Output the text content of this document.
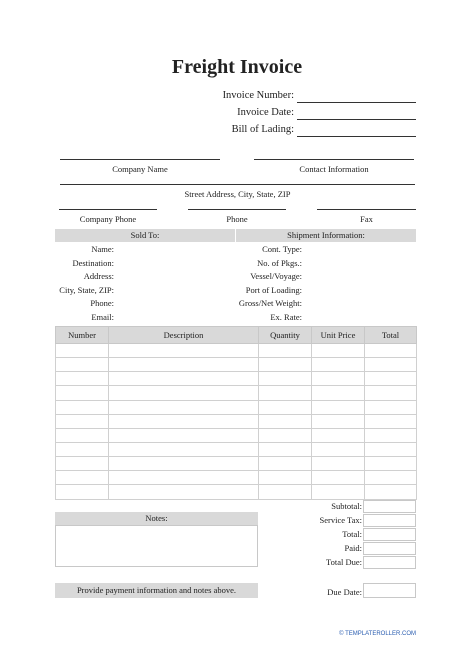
Freight Invoice
Invoice Number:
Invoice Date:
Bill of Lading:
Company Name	Contact Information
Street Address, City, State, ZIP
Company Phone	Phone	Fax
Sold To:	Shipment Information:
Name:
Destination:
Address:
City, State, ZIP:
Phone:
Email:
Cont. Type:
No. of Pkgs.:
Vessel/Voyage:
Port of Loading:
Gross/Net Weight:
Ex. Rate:
Number	Description	Quantity	Unit Price	Total

Notes:
Subtotal:
Service Tax:
Total:
Paid:
Total Due:
Provide payment information and notes above.	Due Date:
© TEMPLATEROLLER.COM
